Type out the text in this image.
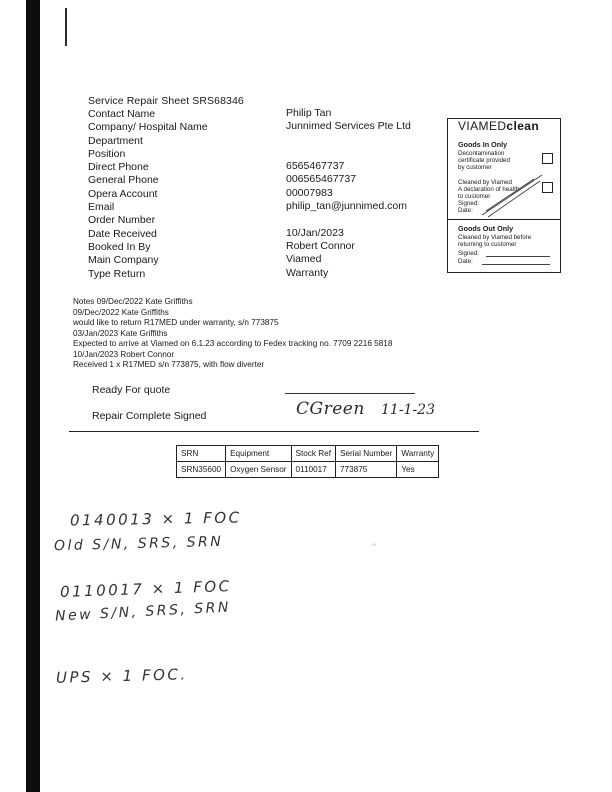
Service Repair Sheet SRS68346
Contact Name	Philip Tan
Company/ Hospital Name	Junnimed Services Pte Ltd
Department
Position
Direct Phone	6565467737
General Phone	006565467737
Opera Account	00007983
Email	philip_tan@junnimed.com
Order Number
Date Received	10/Jan/2023
Booked In By	Robert Connor
Main Company	Viamed
Type Return	Warranty
VIAMEDclean
Goods In Only
Decontamination
certificate provided
by customer
Cleaned by Viamed
A declaration of health
to customer
Signed:
Date:
Goods Out Only
Cleaned by Viamed before
returning to customer
Signed:
Date:
Notes 09/Dec/2022 Kate Griffiths
09/Dec/2022 Kate Griffiths
would like to return R17MED under warranty, s/n 773875
03/Jan/2023 Kate Griffiths
Expected to arrive at Viamed on 6.1.23 according to Fedex tracking no. 7709 2216 5818
10/Jan/2023 Robert Connor
Received 1 x R17MED s/n 773875, with flow diverter
Ready For quote
Repair Complete Signed	CGreen 11-1-23
SRN	Equipment	Stock Ref	Serial Number	Warranty
SRN35600	Oxygen Sensor	0110017	773875	Yes
0140013 × 1 FOC
Old S/N, SRS, SRN	⁘
0110017 × 1 FOC
New S/N, SRS, SRN
UPS × 1 FOC.
